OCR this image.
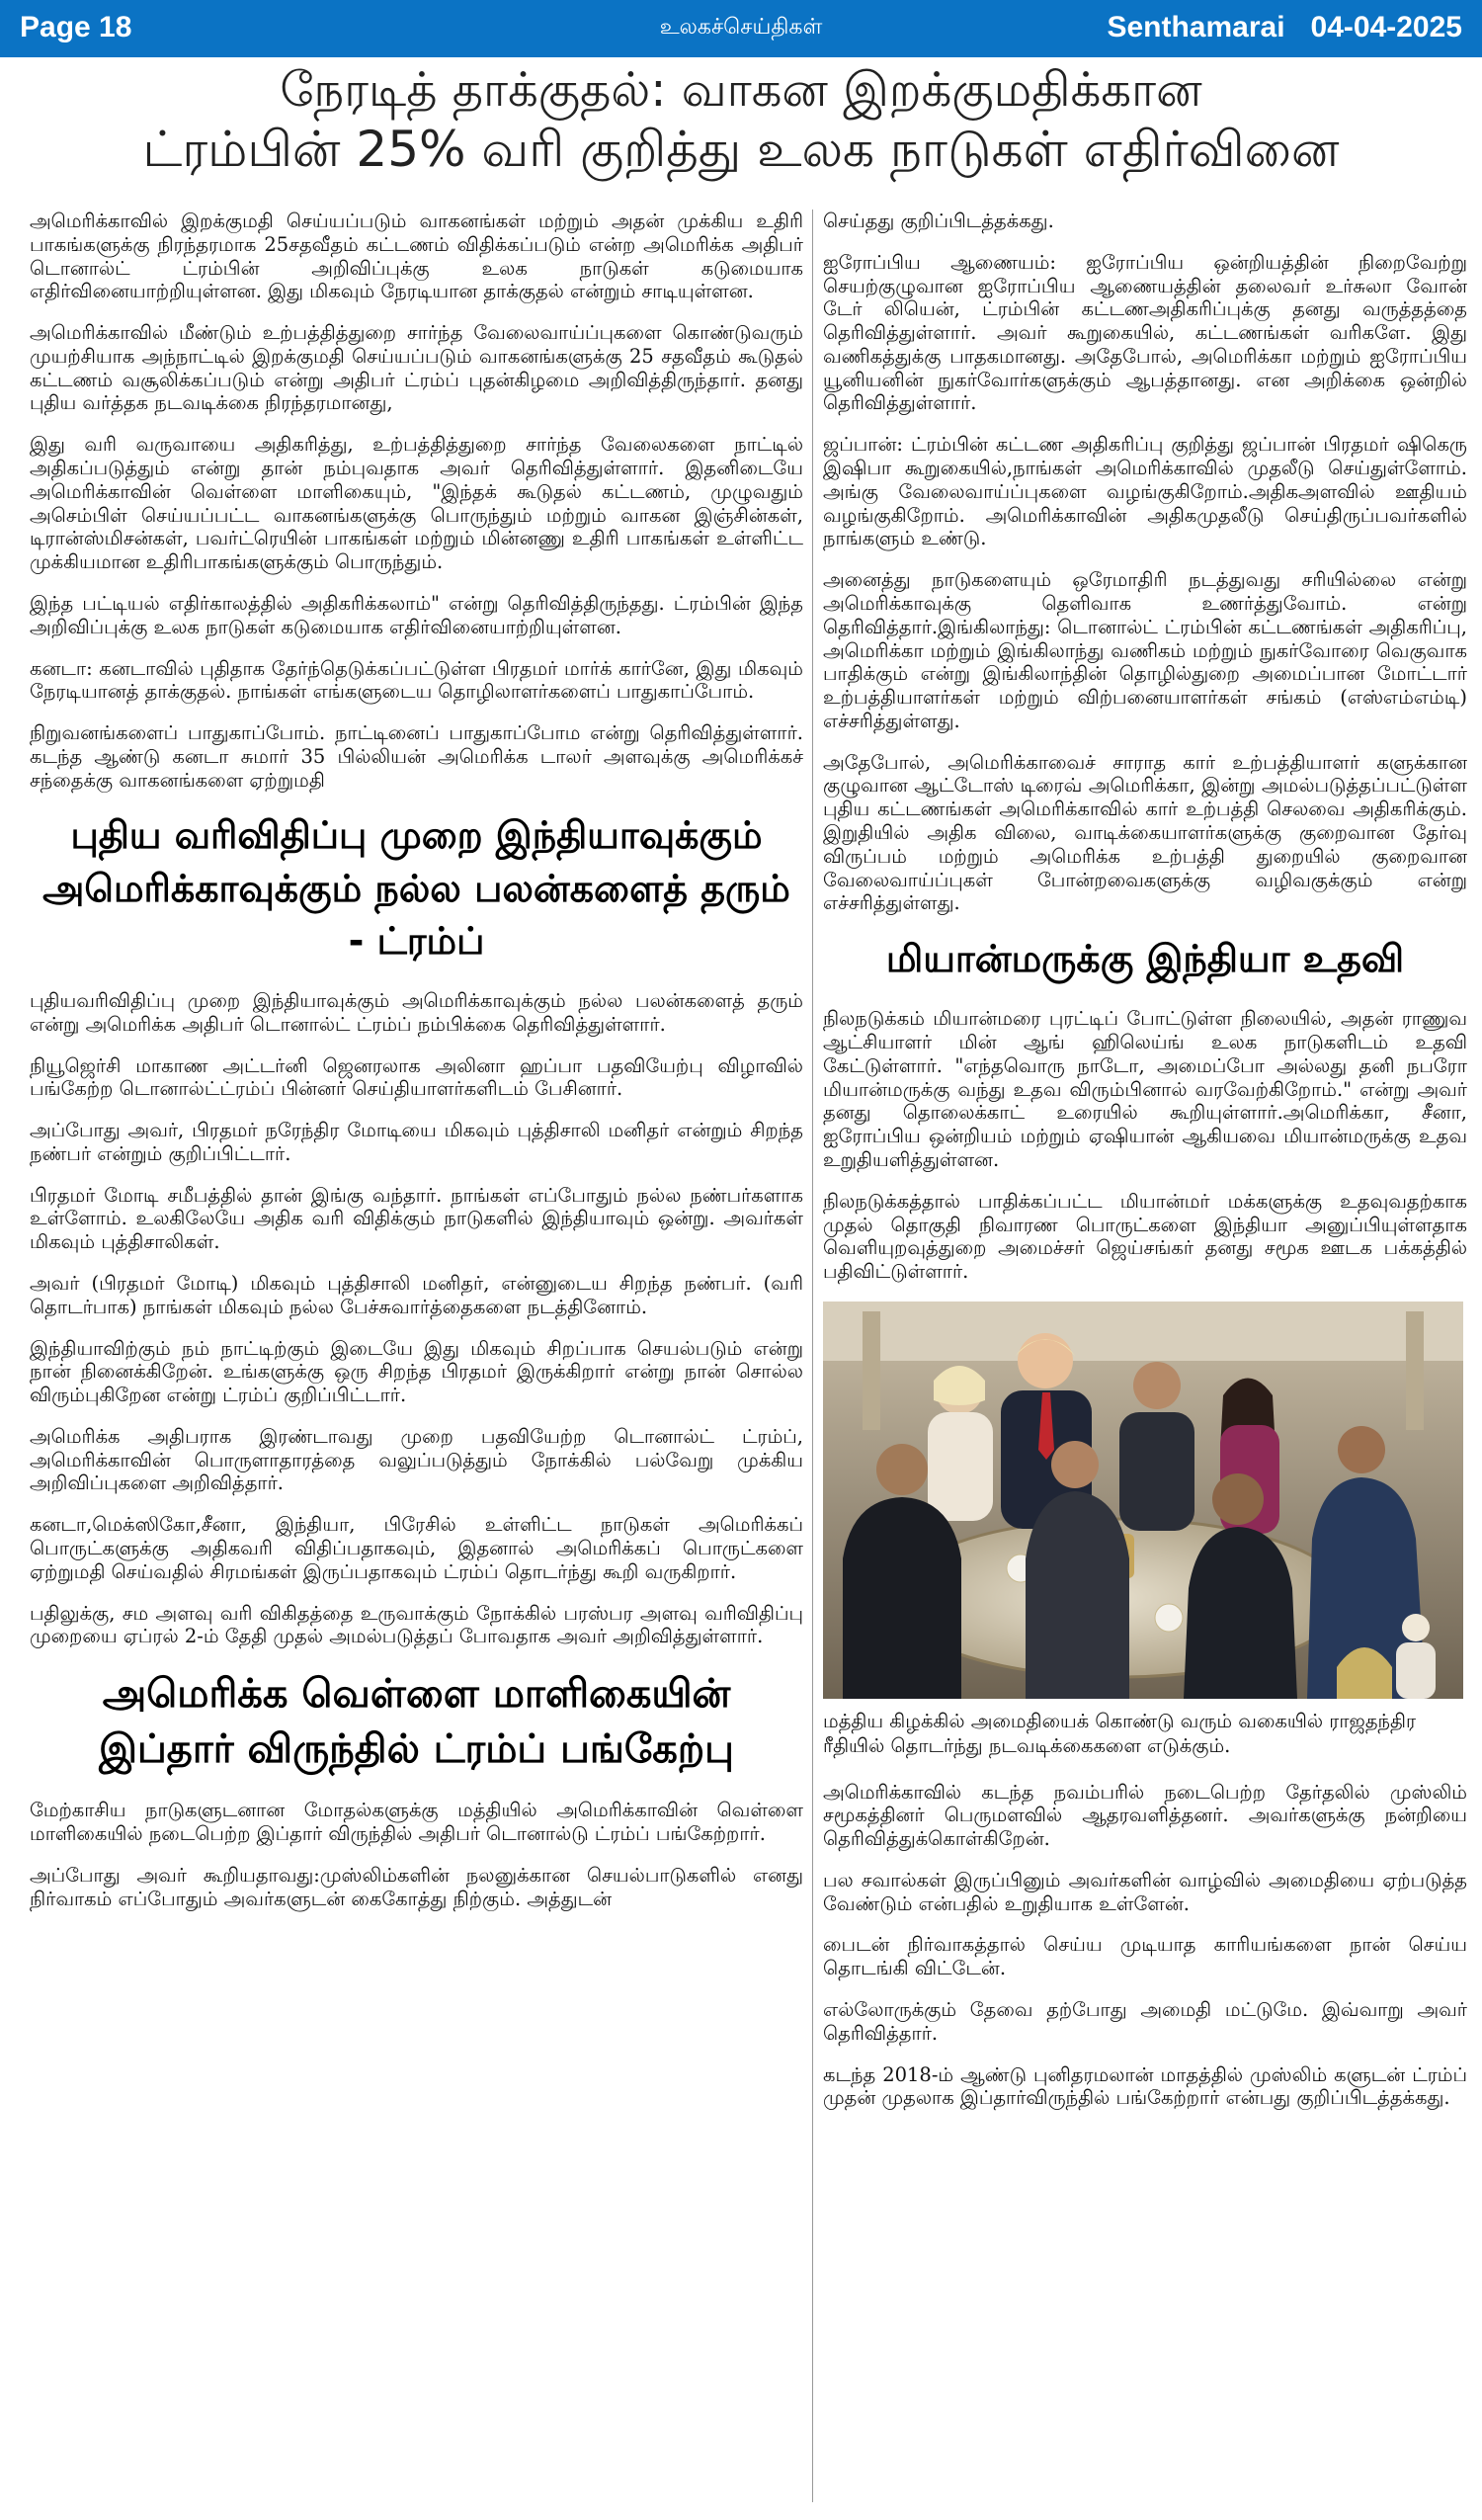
Page 18	உலகச்செய்திகள்	Senthamarai 04-04-2025
நேரடித் தாக்குதல்: வாகன இறக்குமதிக்கான
ட்ரம்பின் 25% வரி குறித்து உலக நாடுகள் எதிர்வினை

அமெரிக்காவில் இறக்குமதி செய்யப்படும் வாகனங்கள் மற்றும் அதன் முக்கிய உதிரி பாகங்களுக்கு நிரந்தரமாக 25சதவீதம் கட்டணம் விதிக்கப்படும் என்ற அமெரிக்க அதிபர் டொனால்ட் ட்ரம்பின் அறிவிப்புக்கு உலக நாடுகள் கடுமையாக எதிர்வினையாற்றியுள்ளன. இது மிகவும் நேரடியான தாக்குதல் என்றும் சாடியுள்ளன.

அமெரிக்காவில் மீண்டும் உற்பத்தித்துறை சார்ந்த வேலைவாய்ப்புகளை கொண்டுவரும் முயற்சியாக அந்நாட்டில் இறக்குமதி செய்யப்படும் வாகனங்களுக்கு 25 சதவீதம் கூடுதல் கட்டணம் வசூலிக்கப்படும் என்று அதிபர் ட்ரம்ப் புதன்கிழமை அறிவித்திருந்தார். தனது புதிய வர்த்தக நடவடிக்கை நிரந்தரமானது,

இது வரி வருவாயை அதிகரித்து, உற்பத்தித்துறை சார்ந்த வேலைகளை நாட்டில் அதிகப்படுத்தும் என்று தான் நம்புவதாக அவர் தெரிவித்துள்ளார். இதனிடையே அமெரிக்காவின் வெள்ளை மாளிகையும், "இந்தக் கூடுதல் கட்டணம், முழுவதும் அசெம்பிள் செய்யப்பட்ட வாகனங்களுக்கு பொருந்தும் மற்றும் வாகன இஞ்சின்கள், டிரான்ஸ்மிசன்கள், பவர்ட்ரெயின் பாகங்கள் மற்றும் மின்னணு உதிரி பாகங்கள் உள்ளிட்ட முக்கியமான உதிரிபாகங்களுக்கும் பொருந்தும்.

இந்த பட்டியல் எதிர்காலத்தில் அதிகரிக்கலாம்" என்று தெரிவித்திருந்தது. ட்ரம்பின் இந்த அறிவிப்புக்கு உலக நாடுகள் கடுமையாக எதிர்வினையாற்றியுள்ளன.

கனடா: கனடாவில் புதிதாக தேர்ந்தெடுக்கப்பட்டுள்ள பிரதமர் மார்க் கார்னே, இது மிகவும் நேரடியானத் தாக்குதல். நாங்கள் எங்களுடைய தொழிலாளர்களைப் பாதுகாப்போம்.

நிறுவனங்களைப் பாதுகாப்போம். நாட்டினைப் பாதுகாப்போம என்று தெரிவித்துள்ளார். கடந்த ஆண்டு கனடா சுமார் 35 பில்லியன் அமெரிக்க டாலர் அளவுக்கு அமெரிக்கச் சந்தைக்கு வாகனங்களை ஏற்றுமதி

புதிய வரிவிதிப்பு முறை இந்தியாவுக்கும் அமெரிக்காவுக்கும் நல்ல பலன்களைத் தரும் - ட்ரம்ப்

புதியவரிவிதிப்பு முறை இந்தியாவுக்கும் அமெரிக்காவுக்கும் நல்ல பலன்களைத் தரும் என்று அமெரிக்க அதிபர் டொனால்ட் ட்ரம்ப் நம்பிக்கை தெரிவித்துள்ளார்.

நியூஜெர்சி மாகாண அட்டர்னி ஜெனரலாக அலினா ஹப்பா பதவியேற்பு விழாவில் பங்கேற்ற டொனால்ட்ட்ரம்ப் பின்னர் செய்தியாளர்களிடம் பேசினார்.

அப்போது அவர், பிரதமர் நரேந்திர மோடியை மிகவும் புத்திசாலி மனிதர் என்றும் சிறந்த நண்பர் என்றும் குறிப்பிட்டார்.

பிரதமர் மோடி சமீபத்தில் தான் இங்கு வந்தார். நாங்கள் எப்போதும் நல்ல நண்பர்களாக உள்ளோம். உலகிலேயே அதிக வரி விதிக்கும் நாடுகளில் இந்தியாவும் ஒன்று. அவர்கள் மிகவும் புத்திசாலிகள்.

அவர் (பிரதமர் மோடி) மிகவும் புத்திசாலி மனிதர், என்னுடைய சிறந்த நண்பர். (வரி தொடர்பாக) நாங்கள் மிகவும் நல்ல பேச்சுவார்த்தைகளை நடத்தினோம்.

இந்தியாவிற்கும் நம் நாட்டிற்கும் இடையே இது மிகவும் சிறப்பாக செயல்படும் என்று நான் நினைக்கிறேன். உங்களுக்கு ஒரு சிறந்த பிரதமர் இருக்கிறார் என்று நான் சொல்ல விரும்புகிறேன என்று ட்ரம்ப் குறிப்பிட்டார்.

அமெரிக்க அதிபராக இரண்டாவது முறை பதவியேற்ற டொனால்ட் ட்ரம்ப், அமெரிக்காவின் பொருளாதாரத்தை வலுப்படுத்தும் நோக்கில் பல்வேறு முக்கிய அறிவிப்புகளை அறிவித்தார்.

கனடா,மெக்ஸிகோ,சீனா, இந்தியா, பிரேசில் உள்ளிட்ட நாடுகள் அமெரிக்கப் பொருட்களுக்கு அதிகவரி விதிப்பதாகவும், இதனால் அமெரிக்கப் பொருட்களை ஏற்றுமதி செய்வதில் சிரமங்கள் இருப்பதாகவும் ட்ரம்ப் தொடர்ந்து கூறி வருகிறார்.

பதிலுக்கு, சம அளவு வரி விகிதத்தை உருவாக்கும் நோக்கில் பரஸ்பர அளவு வரிவிதிப்பு முறையை ஏப்ரல் 2-ம் தேதி முதல் அமல்படுத்தப் போவதாக அவர் அறிவித்துள்ளார்.

அமெரிக்க வெள்ளை மாளிகையின் இப்தார் விருந்தில் ட்ரம்ப் பங்கேற்பு

மேற்காசிய நாடுகளுடனான மோதல்களுக்கு மத்தியில் அமெரிக்காவின் வெள்ளை மாளிகையில் நடைபெற்ற இப்தார் விருந்தில் அதிபர் டொனால்டு ட்ரம்ப் பங்கேற்றார்.

அப்போது அவர் கூறியதாவது:முஸ்லிம்களின் நலனுக்கான செயல்பாடுகளில் எனது நிர்வாகம் எப்போதும் அவர்களுடன் கைகோத்து நிற்கும். அத்துடன்

செய்தது குறிப்பிடத்தக்கது.

ஐரோப்பிய ஆணையம்: ஐரோப்பிய ஒன்றியத்தின் நிறைவேற்று செயற்குழுவான ஐரோப்பிய ஆணையத்தின் தலைவர் உர்சுலா வோன் டேர் லியென், ட்ரம்பின் கட்டணஅதிகரிப்புக்கு தனது வருத்தத்தை தெரிவித்துள்ளார். அவர் கூறுகையில், கட்டணங்கள் வரிகளே. இது வணிகத்துக்கு பாதகமானது. அதேபோல், அமெரிக்கா மற்றும் ஐரோப்பிய யூனியனின் நுகர்வோர்களுக்கும் ஆபத்தானது. என அறிக்கை ஒன்றில் தெரிவித்துள்ளார்.

ஜப்பான்: ட்ரம்பின் கட்டண அதிகரிப்பு குறித்து ஜப்பான் பிரதமர் ஷிகெரு இஷிபா கூறுகையில்,நாங்கள் அமெரிக்காவில் முதலீடு செய்துள்ளோம். அங்கு வேலைவாய்ப்புகளை வழங்குகிறோம்.அதிகஅளவில் ஊதியம் வழங்குகிறோம். அமெரிக்காவின் அதிகமுதலீடு செய்திருப்பவர்களில் நாங்களும் உண்டு.

அனைத்து நாடுகளையும் ஒரேமாதிரி நடத்துவது சரியில்லை என்று அமெரிக்காவுக்கு தெளிவாக உணர்த்துவோம். என்று தெரிவித்தார்.இங்கிலாந்து: டொனால்ட் ட்ரம்பின் கட்டணங்கள் அதிகரிப்பு, அமெரிக்கா மற்றும் இங்கிலாந்து வணிகம் மற்றும் நுகர்வோரை வெகுவாக பாதிக்கும் என்று இங்கிலாந்தின் தொழில்துறை அமைப்பான மோட்டார் உற்பத்தியாளர்கள் மற்றும் விற்பனையாளர்கள் சங்கம் (எஸ்எம்எம்டி) எச்சரித்துள்ளது.

அதேபோல், அமெரிக்காவைச் சாராத கார் உற்பத்தியாளர் களுக்கான குழுவான ஆட்டோஸ் டிரைவ் அமெரிக்கா, இன்று அமல்படுத்தப்பட்டுள்ள புதிய கட்டணங்கள் அமெரிக்காவில் கார் உற்பத்தி செலவை அதிகரிக்கும். இறுதியில் அதிக விலை, வாடிக்கையாளர்களுக்கு குறைவான தேர்வு விருப்பம் மற்றும் அமெரிக்க உற்பத்தி துறையில் குறைவான வேலைவாய்ப்புகள் போன்றவைகளுக்கு வழிவகுக்கும் என்று எச்சரித்துள்ளது.

மியான்மருக்கு இந்தியா உதவி

நிலநடுக்கம் மியான்மரை புரட்டிப் போட்டுள்ள நிலையில், அதன் ராணுவ ஆட்சியாளர் மின் ஆங் ஹிலெய்ங் உலக நாடுகளிடம் உதவி கேட்டுள்ளார். "எந்தவொரு நாடோ, அமைப்போ அல்லது தனி நபரோ மியான்மருக்கு வந்து உதவ விரும்பினால் வரவேற்கிறோம்." என்று அவர் தனது தொலைக்காட் உரையில் கூறியுள்ளார்.அமெரிக்கா, சீனா, ஐரோப்பிய ஒன்றியம் மற்றும் ஏஷியான் ஆகியவை மியான்மருக்கு உதவ உறுதியளித்துள்ளன.

நிலநடுக்கத்தால் பாதிக்கப்பட்ட மியான்மர் மக்களுக்கு உதவுவதற்காக முதல் தொகுதி நிவாரண பொருட்களை இந்தியா அனுப்பியுள்ளதாக வெளியுறவுத்துறை அமைச்சர் ஜெய்சங்கர் தனது சமூக ஊடக பக்கத்தில் பதிவிட்டுள்ளார்.

மத்திய கிழக்கில் அமைதியைக் கொண்டு வரும் வகையில் ராஜதந்திர ரீதியில் தொடர்ந்து நடவடிக்கைகளை எடுக்கும்.

அமெரிக்காவில் கடந்த நவம்பரில் நடைபெற்ற தேர்தலில் முஸ்லிம் சமூகத்தினர் பெருமளவில் ஆதரவளித்தனர். அவர்களுக்கு நன்றியை தெரிவித்துக்கொள்கிறேன்.

பல சவால்கள் இருப்பினும் அவர்களின் வாழ்வில் அமைதியை ஏற்படுத்த வேண்டும் என்பதில் உறுதியாக உள்ளேன்.

பைடன் நிர்வாகத்தால் செய்ய முடியாத காரியங்களை நான் செய்ய தொடங்கி விட்டேன்.

எல்லோருக்கும் தேவை தற்போது அமைதி மட்டுமே. இவ்வாறு அவர் தெரிவித்தார்.

கடந்த 2018-ம் ஆண்டு புனிதரமலான் மாதத்தில் முஸ்லிம் களுடன் ட்ரம்ப் முதன் முதலாக இப்தார்விருந்தில் பங்கேற்றார் என்பது குறிப்பிடத்தக்கது.
